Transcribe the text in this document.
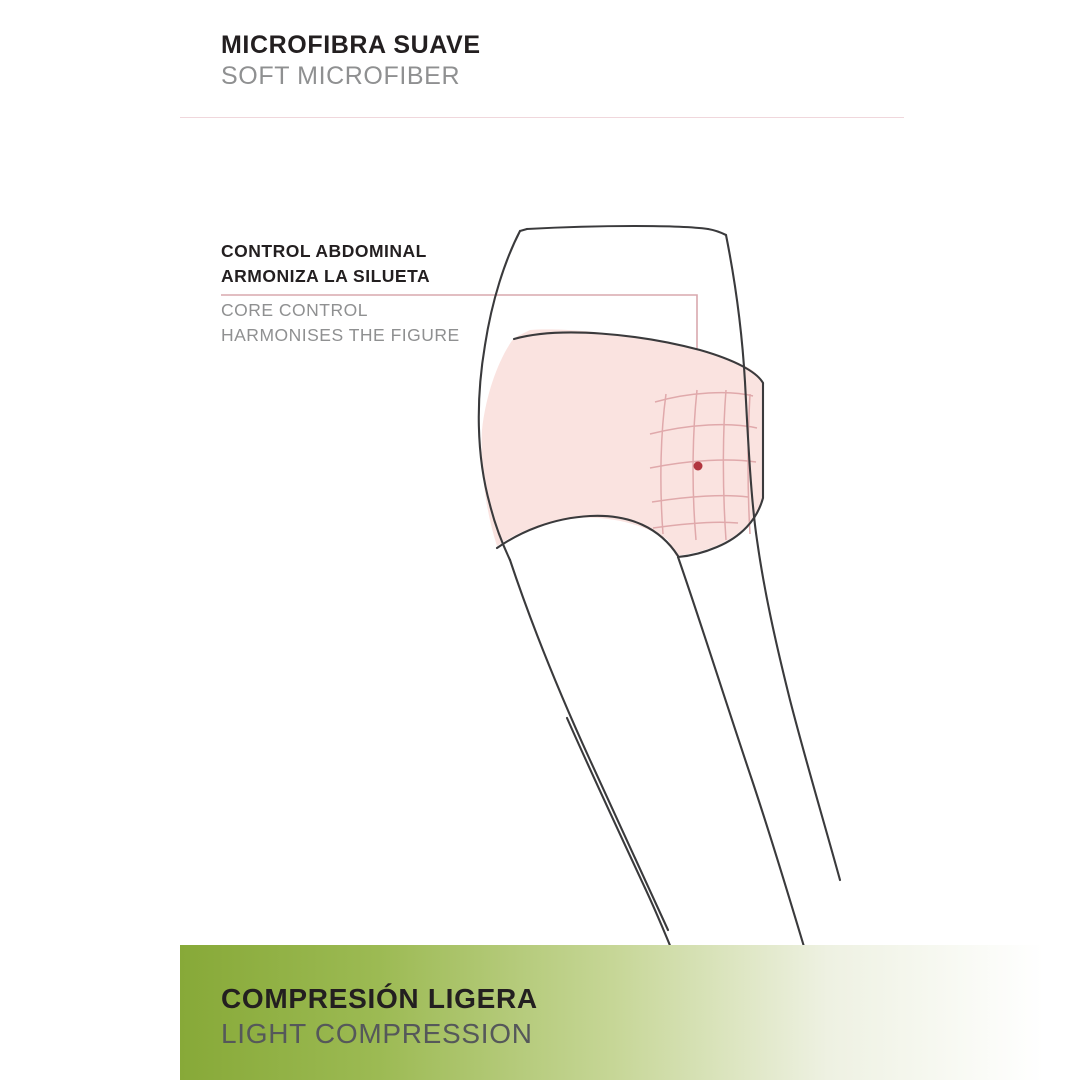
MICROFIBRA SUAVE
SOFT MICROFIBER
CONTROL ABDOMINAL
ARMONIZA LA SILUETA
CORE CONTROL
HARMONISES THE FIGURE
COMPRESIÓN LIGERA
LIGHT COMPRESSION
